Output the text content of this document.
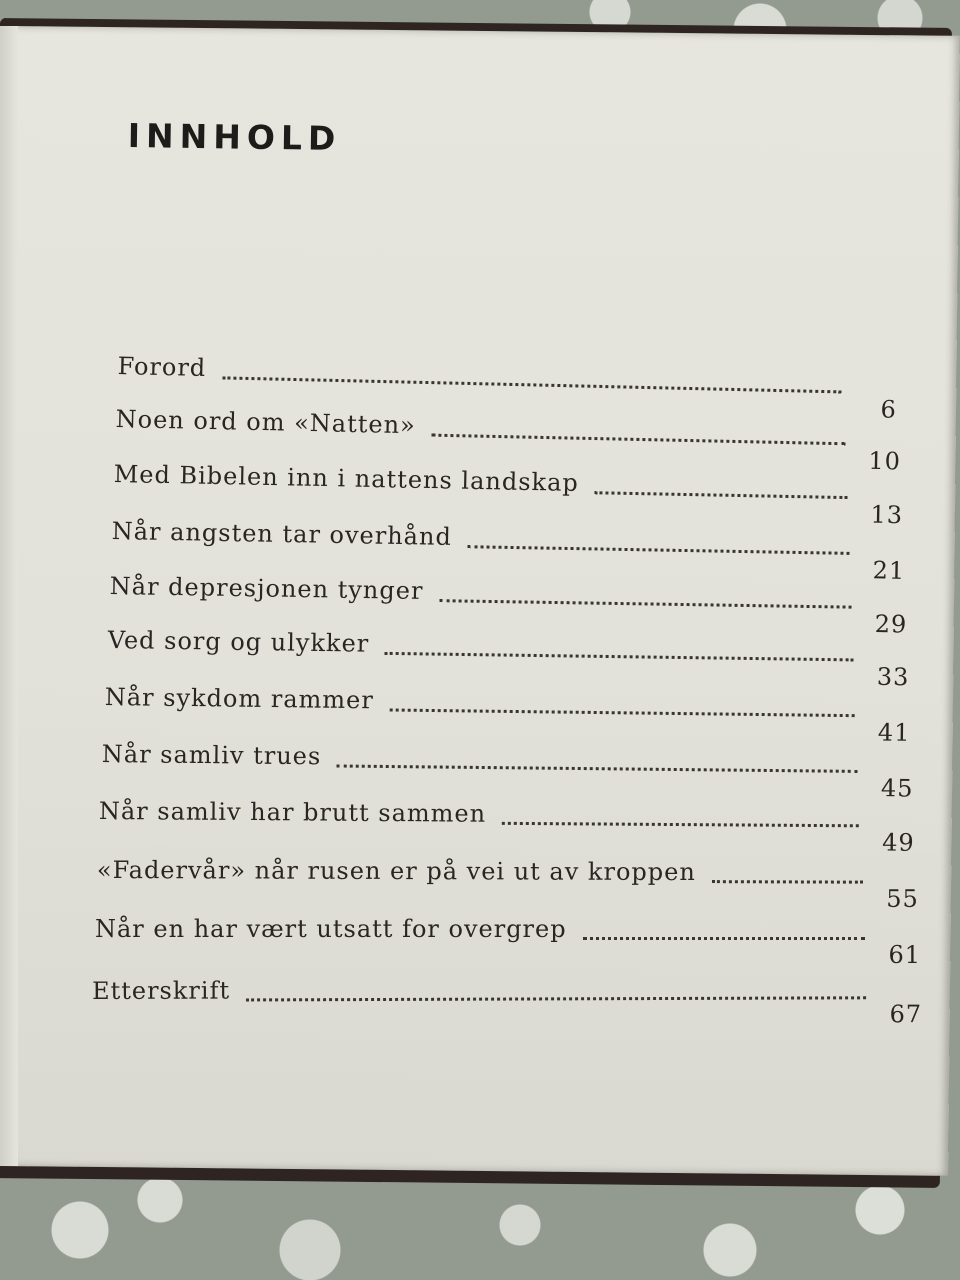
INNHOLD
Forord
6
Noen ord om «Natten»
10
Med Bibelen inn i nattens landskap
13
Når angsten tar overhånd
21
Når depresjonen tynger
29
Ved sorg og ulykker
33
Når sykdom rammer
41
Når samliv trues
45
Når samliv har brutt sammen
49
«Fadervår» når rusen er på vei ut av kroppen
55
Når en har vært utsatt for overgrep
61
Etterskrift
67
